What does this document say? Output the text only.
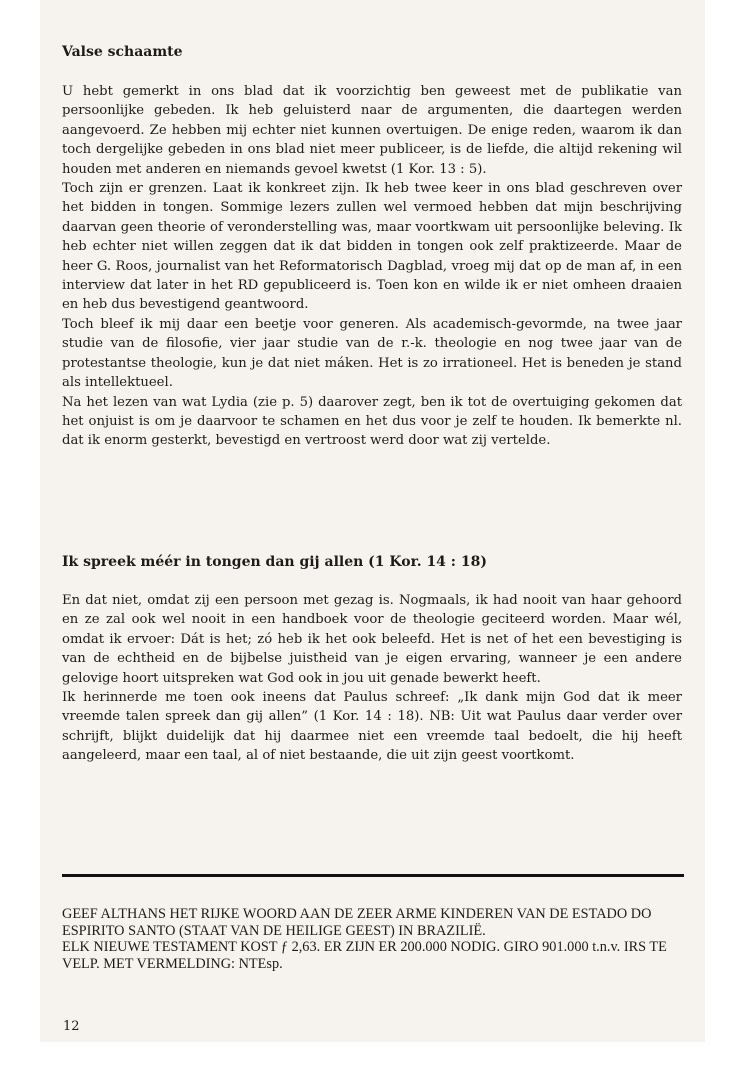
Valse schaamte

U hebt gemerkt in ons blad dat ik voorzichtig ben geweest met de publikatie van persoonlijke gebeden. Ik heb geluisterd naar de argumenten, die daartegen werden aangevoerd. Ze hebben mij echter niet kunnen overtuigen. De enige reden, waarom ik dan toch dergelijke gebeden in ons blad niet meer publiceer, is de liefde, die altijd rekening wil houden met anderen en niemands gevoel kwetst (1 Kor. 13 : 5).

Toch zijn er grenzen. Laat ik konkreet zijn. Ik heb twee keer in ons blad geschreven over het bidden in tongen. Sommige lezers zullen wel vermoed hebben dat mijn beschrijving daarvan geen theorie of veronderstelling was, maar voortkwam uit persoonlijke beleving. Ik heb echter niet willen zeggen dat ik dat bidden in tongen ook zelf praktizeerde. Maar de heer G. Roos, journalist van het Reformatorisch Dagblad, vroeg mij dat op de man af, in een interview dat later in het RD gepubliceerd is. Toen kon en wilde ik er niet omheen draaien en heb dus bevestigend geantwoord.

Toch bleef ik mij daar een beetje voor generen. Als academisch-gevormde, na twee jaar studie van de filosofie, vier jaar studie van de r.-k. theologie en nog twee jaar van de protestantse theologie, kun je dat niet máken. Het is zo irrationeel. Het is beneden je stand als intellektueel.

Na het lezen van wat Lydia (zie p. 5) daarover zegt, ben ik tot de overtuiging gekomen dat het onjuist is om je daarvoor te schamen en het dus voor je zelf te houden. Ik bemerkte nl. dat ik enorm gesterkt, bevestigd en vertroost werd door wat zij vertelde.

Ik spreek méér in tongen dan gij allen (1 Kor. 14 : 18)

En dat niet, omdat zij een persoon met gezag is. Nogmaals, ik had nooit van haar gehoord en ze zal ook wel nooit in een handboek voor de theologie geciteerd worden. Maar wél, omdat ik ervoer: Dát is het; zó heb ik het ook beleefd. Het is net of het een bevestiging is van de echtheid en de bijbelse juistheid van je eigen ervaring, wanneer je een andere gelovige hoort uitspreken wat God ook in jou uit genade bewerkt heeft.

Ik herinnerde me toen ook ineens dat Paulus schreef: „Ik dank mijn God dat ik meer vreemde talen spreek dan gij allen” (1 Kor. 14 : 18). NB: Uit wat Paulus daar verder over schrijft, blijkt duidelijk dat hij daarmee niet een vreemde taal bedoelt, die hij heeft aangeleerd, maar een taal, al of niet bestaande, die uit zijn geest voortkomt.

GEEF ALTHANS HET RIJKE WOORD AAN DE ZEER ARME KINDEREN VAN DE ESTADO DO ESPIRITO SANTO (STAAT VAN DE HEILIGE GEEST) IN BRAZILIË.

ELK NIEUWE TESTAMENT KOST ƒ 2,63. ER ZIJN ER 200.000 NODIG. GIRO 901.000 t.n.v. IRS TE VELP. MET VERMELDING: NTEsp.

12
